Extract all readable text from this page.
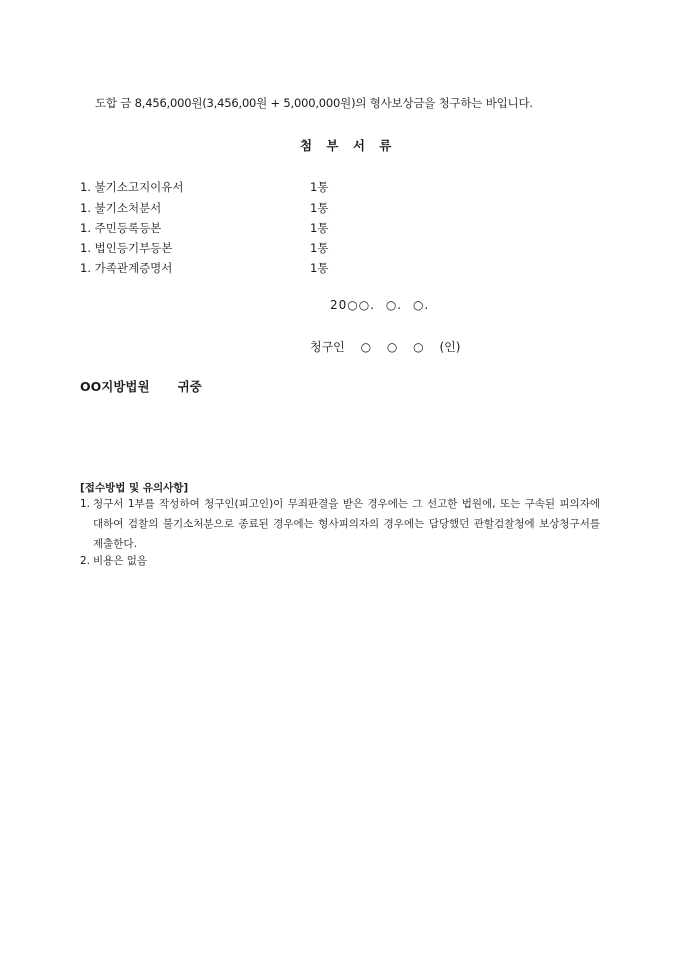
도합 금 8,456,000원(3,456,00원 + 5,000,000원)의 형사보상금을 청구하는 바입니다.
첨 부 서 류
1. 불기소고지이유서	1통
1. 불기소처분서	1통
1. 주민등록등본	1통
1. 법인등기부등본	1통
1. 가족관계증명서	1통
20○○. ○. ○.
청구인 ○ ○ ○ (인)
OO지방법원 귀중
[접수방법 및 유의사항]
1. 청구서 1부를 작성하여 청구인(피고인)이 무죄판결을 받은 경우에는 그 선고한 법원에, 또는 구속된 피의자에 대하여 검찰의 불기소처분으로 종료된 경우에는 형사피의자의 경우에는 담당했던 관할검찰청에 보상청구서를 제출한다.
2. 비용은 없음
